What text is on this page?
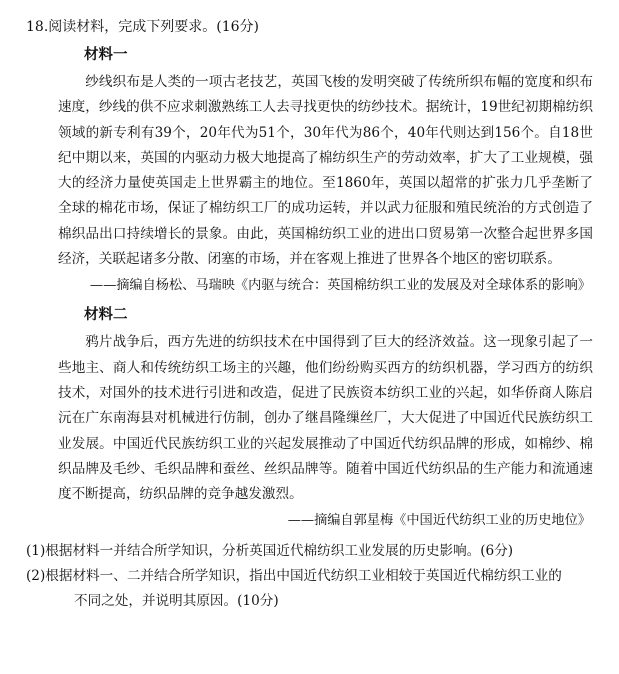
18.阅读材料，完成下列要求。(16分)
材料一

纱线织布是人类的一项古老技艺，英国飞梭的发明突破了传统所织布幅的宽度和织布速度，纱线的供不应求刺激熟练工人去寻找更快的纺纱技术。据统计，19世纪初期棉纺织领域的新专利有39个，20年代为51个，30年代为86个，40年代则达到156个。自18世纪中期以来，英国的内驱动力极大地提高了棉纺织生产的劳动效率，扩大了工业规模，强大的经济力量使英国走上世界霸主的地位。至1860年，英国以超常的扩张力几乎垄断了全球的棉花市场，保证了棉纺织工厂的成功运转，并以武力征服和殖民统治的方式创造了棉织品出口持续增长的景象。由此，英国棉纺织工业的进出口贸易第一次整合起世界多国经济，关联起诸多分散、闭塞的市场，并在客观上推进了世界各个地区的密切联系。

——摘编自杨松、马瑞映《内驱与统合：英国棉纺织工业的发展及对全球体系的影响》
材料二

鸦片战争后，西方先进的纺织技术在中国得到了巨大的经济效益。这一现象引起了一些地主、商人和传统纺织工场主的兴趣，他们纷纷购买西方的纺织机器，学习西方的纺织技术，对国外的技术进行引进和改造，促进了民族资本纺织工业的兴起，如华侨商人陈启沅在广东南海县对机械进行仿制，创办了继昌隆缫丝厂，大大促进了中国近代民族纺织工业发展。中国近代民族纺织工业的兴起发展推动了中国近代纺织品牌的形成，如棉纱、棉织品牌及毛纱、毛织品牌和蚕丝、丝织品牌等。随着中国近代纺织品的生产能力和流通速度不断提高，纺织品牌的竞争越发激烈。

——摘编自郭星梅《中国近代纺织工业的历史地位》

(1)根据材料一并结合所学知识，分析英国近代棉纺织工业发展的历史影响。(6分)

(2)根据材料一、二并结合所学知识，指出中国近代纺织工业相较于英国近代棉纺织工业的
不同之处，并说明其原因。(10分)
